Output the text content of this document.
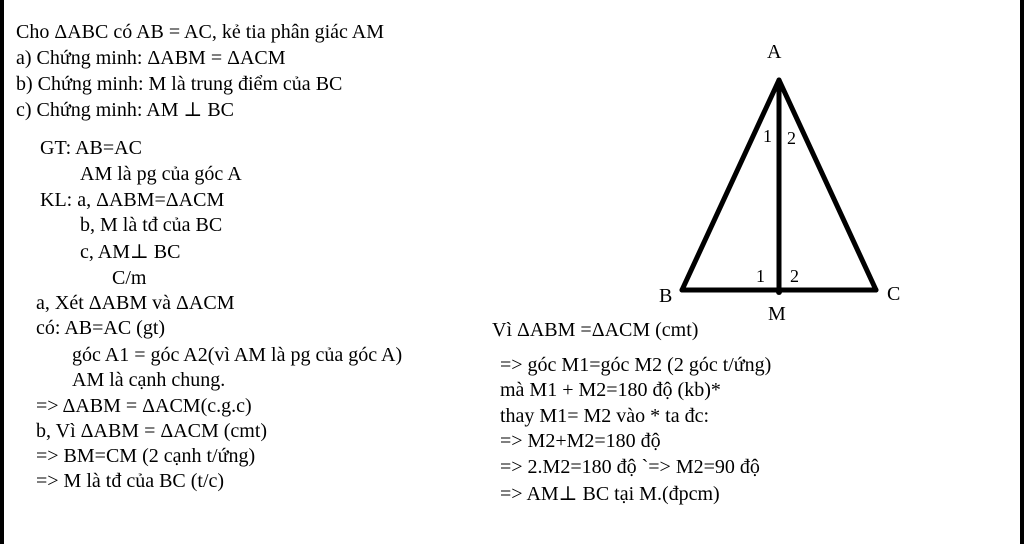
Cho ΔABC có AB = AC, kẻ tia phân giác AM
a) Chứng minh: ΔABM = ΔACM
b) Chứng minh: M là trung điểm của BC
c) Chứng minh: AM ⊥ BC
GT: AB=AC
AM là pg của góc A
KL: a, ΔABM=ΔACM
b, M là tđ của BC
c, AM⊥ BC
C/m
a, Xét ΔABM và ΔACM
có: AB=AC (gt)
góc A1 = góc A2(vì AM là pg của góc A)
AM là cạnh chung.
=> ΔABM = ΔACM(c.g.c)
b, Vì ΔABM = ΔACM (cmt)
=> BM=CM (2 cạnh t/ứng)
=> M là tđ của BC (t/c)
Vì ΔABM =ΔACM (cmt)
=> góc M1=góc M2 (2 góc t/ứng)
mà M1 + M2=180 độ (kb)*
thay M1= M2 vào * ta đc:
=> M2+M2=180 độ
=> 2.M2=180 độ `=> M2=90 độ
=> AM⊥ BC tại M.(đpcm)
A
B	C
M
1 2
1 2
